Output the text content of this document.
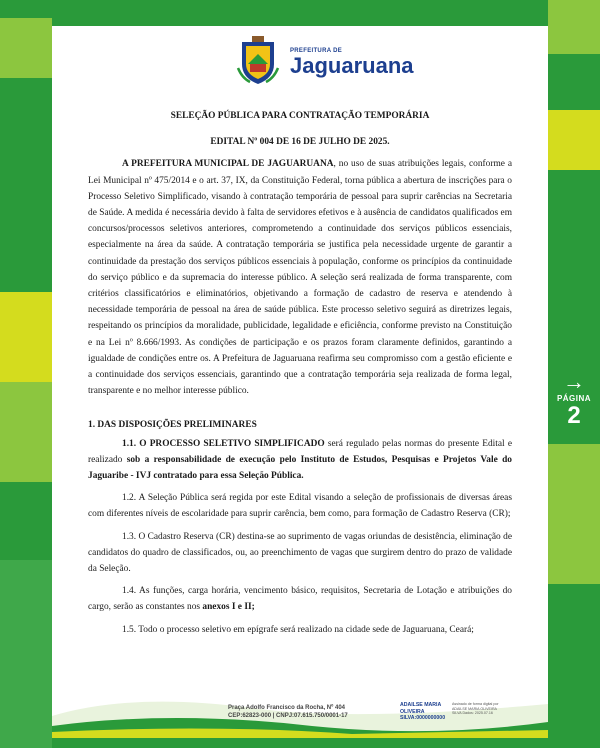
PREFEITURA DE
Jaguaruana

SELEÇÃO PÚBLICA PARA CONTRATAÇÃO TEMPORÁRIA

EDITAL Nº 004 DE 16 DE JULHO DE 2025.

A PREFEITURA MUNICIPAL DE JAGUARUANA, no uso de suas atribuições legais, conforme a Lei Municipal nº 475/2014 e o art. 37, IX, da Constituição Federal, torna pública a abertura de inscrições para o Processo Seletivo Simplificado, visando à contratação temporária de pessoal para suprir carências na Secretaria de Saúde. A medida é necessária devido à falta de servidores efetivos e à ausência de candidatos qualificados em concursos/processos seletivos anteriores, comprometendo a continuidade dos serviços públicos essenciais, especialmente na área da saúde. A contratação temporária se justifica pela necessidade urgente de garantir a continuidade da prestação dos serviços públicos essenciais à população, conforme os princípios da continuidade do serviço público e da supremacia do interesse público. A seleção será realizada de forma transparente, com critérios classificatórios e eliminatórios, objetivando a formação de cadastro de reserva e atendendo à necessidade temporária de pessoal na área de saúde pública. Este processo seletivo seguirá as diretrizes legais, respeitando os princípios da moralidade, publicidade, legalidade e eficiência, conforme previsto na Constituição e na Lei nº 8.666/1993. As condições de participação e os prazos foram claramente definidos, garantindo a igualdade de condições entre os. A Prefeitura de Jaguaruana reafirma seu compromisso com a gestão eficiente e a continuidade dos serviços essenciais, garantindo que a contratação temporária seja realizada de forma legal, transparente e no melhor interesse público.

1. DAS DISPOSIÇÕES PRELIMINARES

1.1. O PROCESSO SELETIVO SIMPLIFICADO será regulado pelas normas do presente Edital e realizado sob a responsabilidade de execução pelo Instituto de Estudos, Pesquisas e Projetos Vale do Jaguaribe - IVJ contratado para essa Seleção Pública.

1.2. A Seleção Pública será regida por este Edital visando a seleção de profissionais de diversas áreas com diferentes níveis de escolaridade para suprir carência, bem como, para formação de Cadastro Reserva (CR);

1.3. O Cadastro Reserva (CR) destina-se ao suprimento de vagas oriundas de desistência, eliminação de candidatos do quadro de classificados, ou, ao preenchimento de vagas que surgirem dentro do prazo de validade da Seleção.

1.4. As funções, carga horária, vencimento básico, requisitos, Secretaria de Lotação e atribuições do cargo, serão as constantes nos anexos I e II;

1.5. Todo o processo seletivo em epígrafe será realizado na cidade sede de Jaguaruana, Ceará;

Praça Adolfo Francisco da Rocha, Nº 404
CEP:62823-000 | CNPJ:07.615.750/0001-17
ADAILSE MARIA
OLIVEIRA
SILVA:0000000000
Assinado de forma digital por ADAILSE MARIA OLIVEIRA SILVA Dados: 2025.07.16
→
PÁGINA
2
